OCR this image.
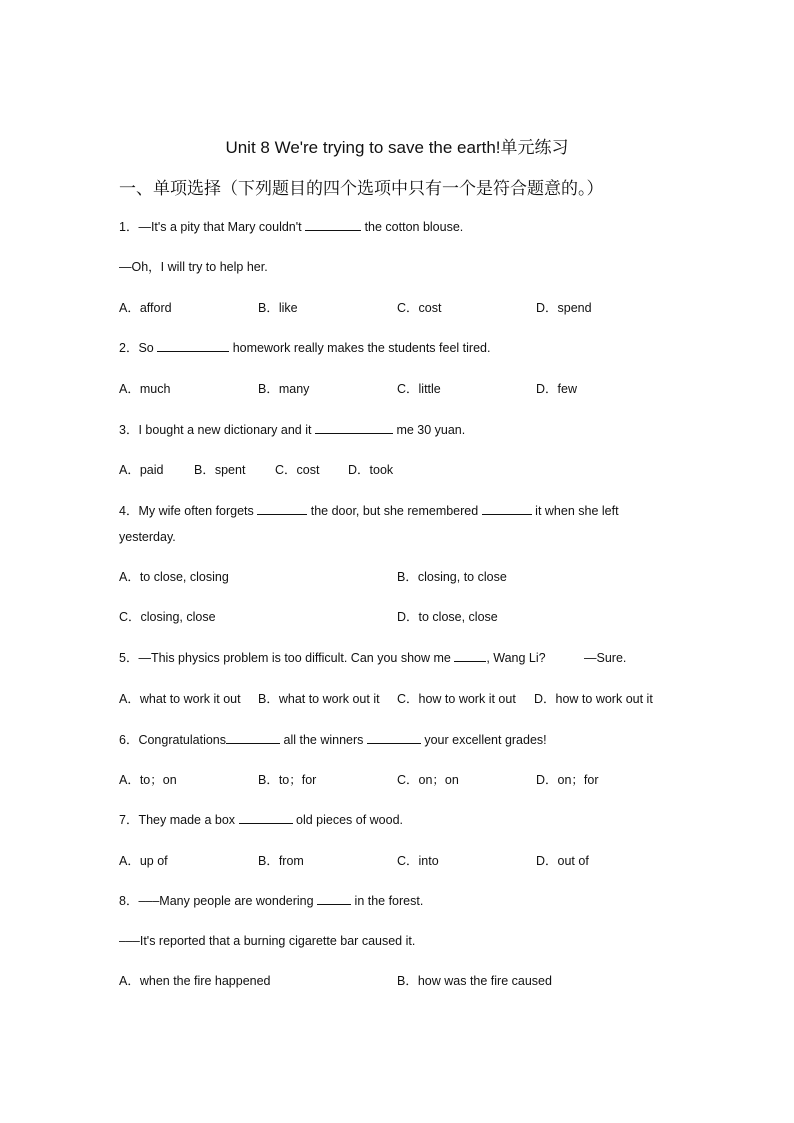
Unit 8 We're trying to save the earth!单元练习
一、单项选择（下列题目的四个选项中只有一个是符合题意的。）
1．—It's a pity that Mary couldn't	the cotton blouse.
—Oh，I will try to help her.
A．afford	B．like	C．cost	D．spend
2．So	homework really makes the students feel tired.
A．much	B．many	C．little	D．few
3．I bought a new dictionary and it	me 30 yuan.
A．paid B．spent C．cost D．took
4．My wife often forgets	the door, but she remembered	it when she left
yesterday.
A．to close, closing	B．closing, to close
C．closing, close	D．to close, close
5．—This physics problem is too difficult. Can you show me	, Wang Li?	—Sure.
A．what to work it out B．what to work out it C．how to work it out D．how to work out it
6．Congratulations	all the winners	your excellent grades!
A．to；on	B．to；for	C．on；on	D．on；for
7．They made a box	old pieces of wood.
A．up of	B．from	C．into	D．out of
8．–––Many people are wondering	in the forest.
–––It's reported that a burning cigarette bar caused it.
A．when the fire happened	B．how was the fire caused
